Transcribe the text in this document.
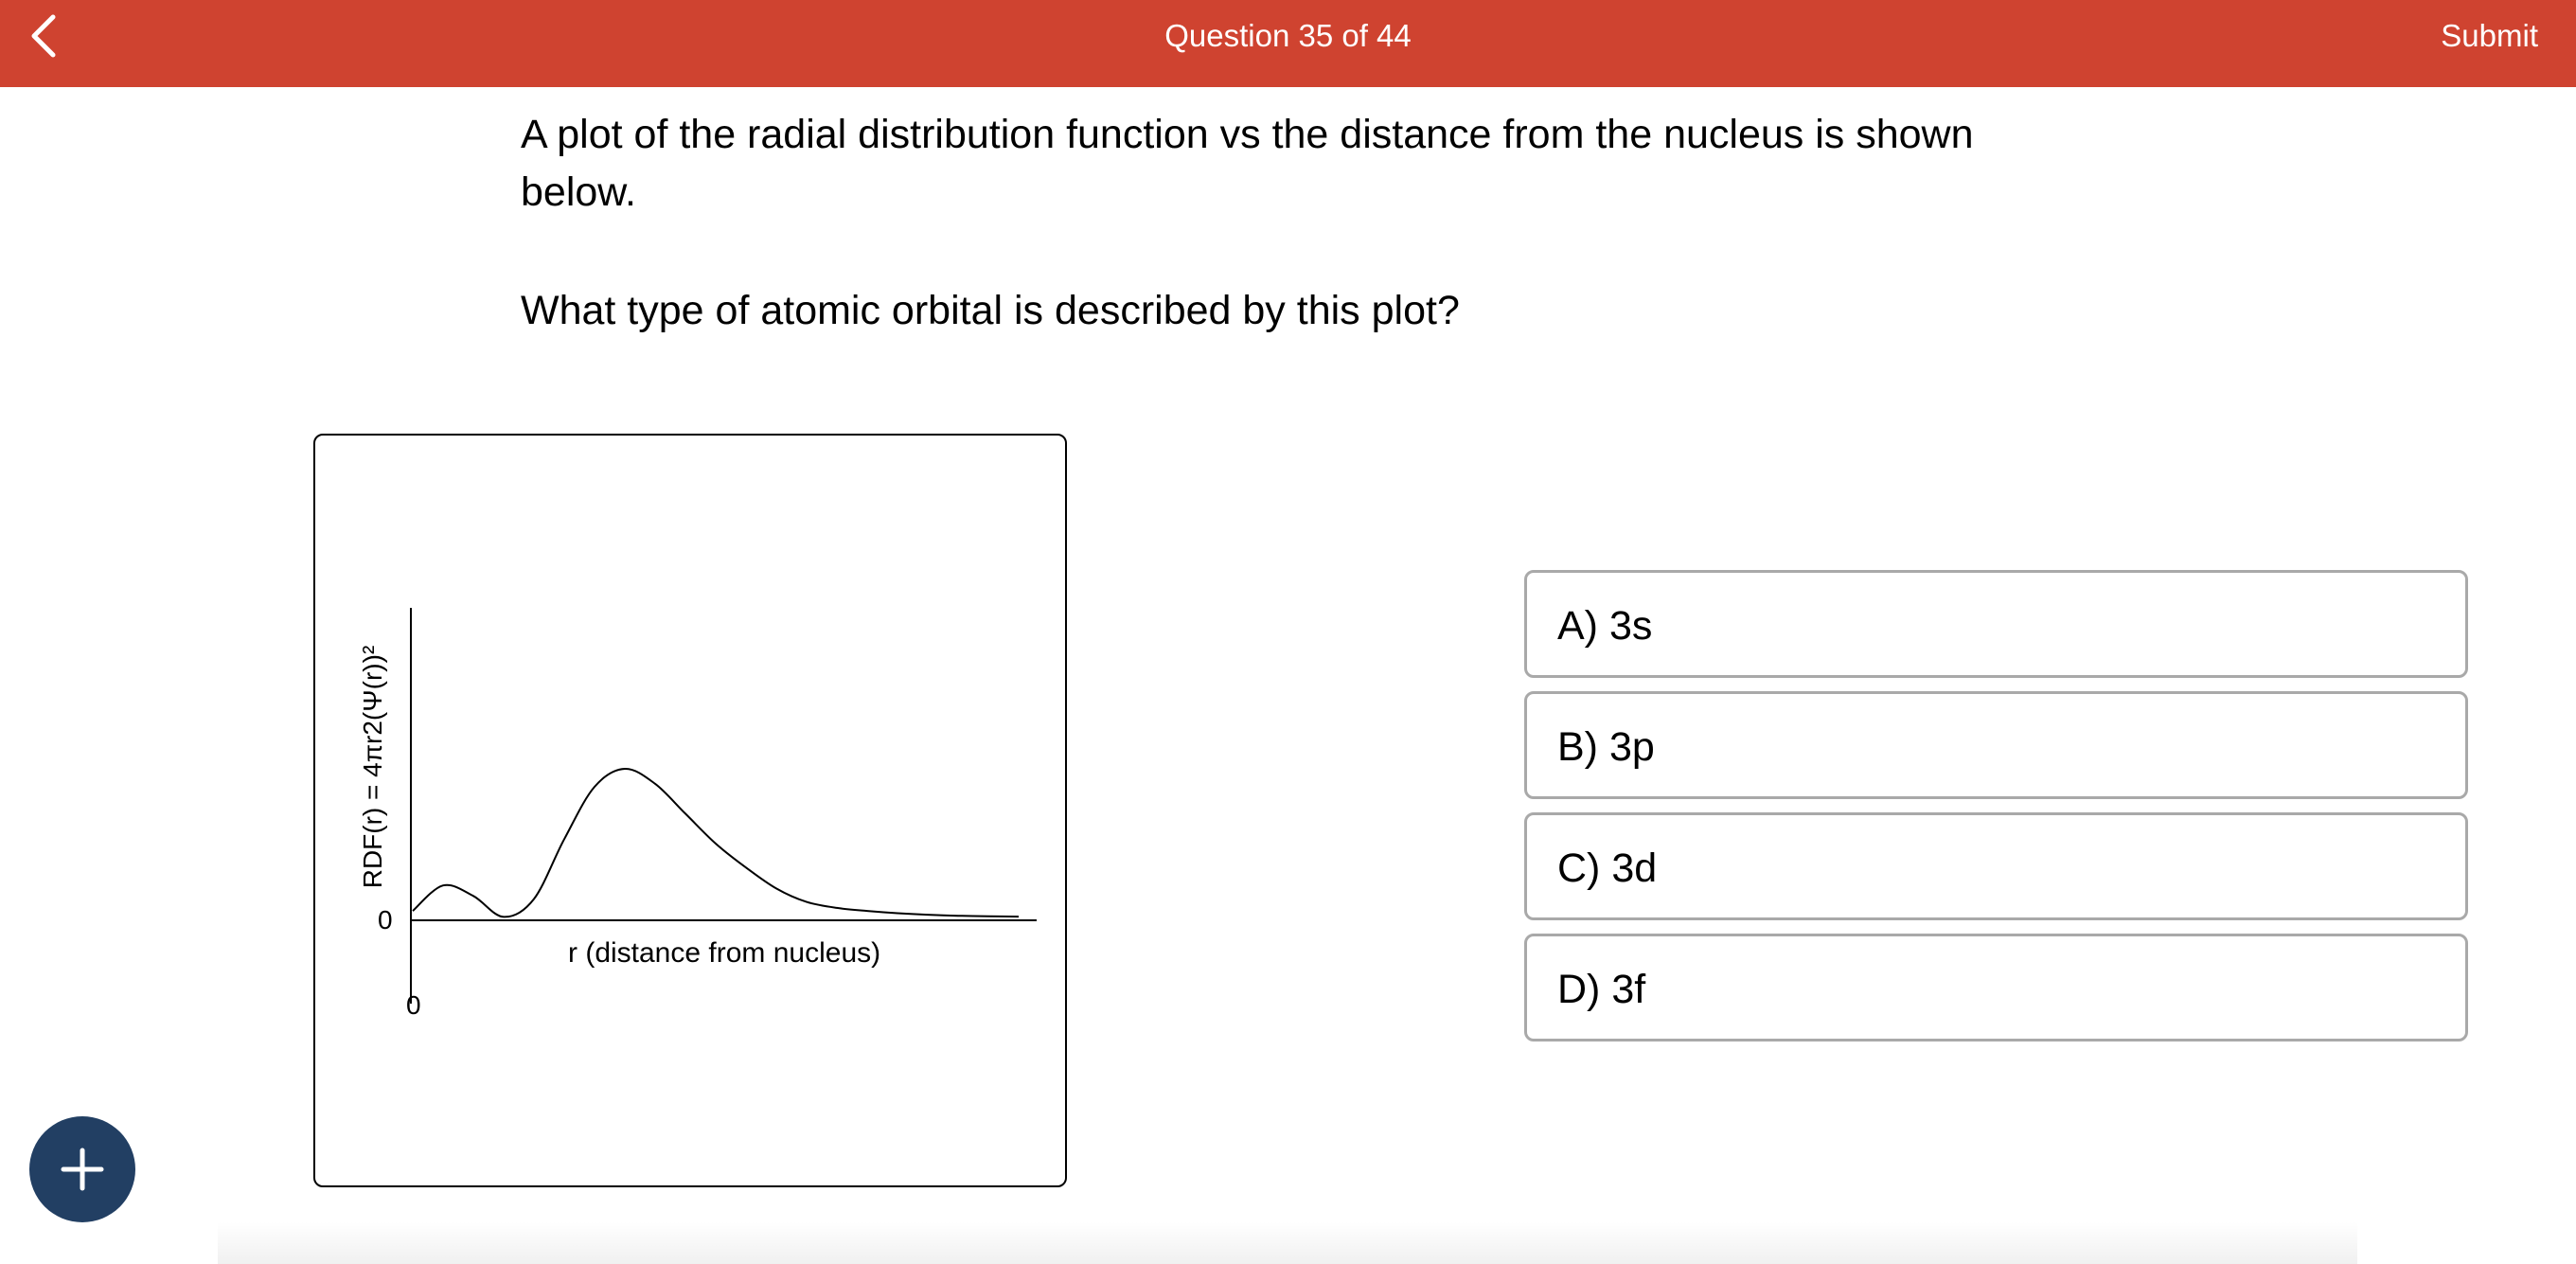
Question 35 of 44	Submit
A plot of the radial distribution function vs the distance from the nucleus is shown below.
What type of atomic orbital is described by this plot?
RDF(r) = 4πr2(Ψ(r))²
0
0
r (distance from nucleus)
A) 3s
B) 3p
C) 3d
D) 3f
